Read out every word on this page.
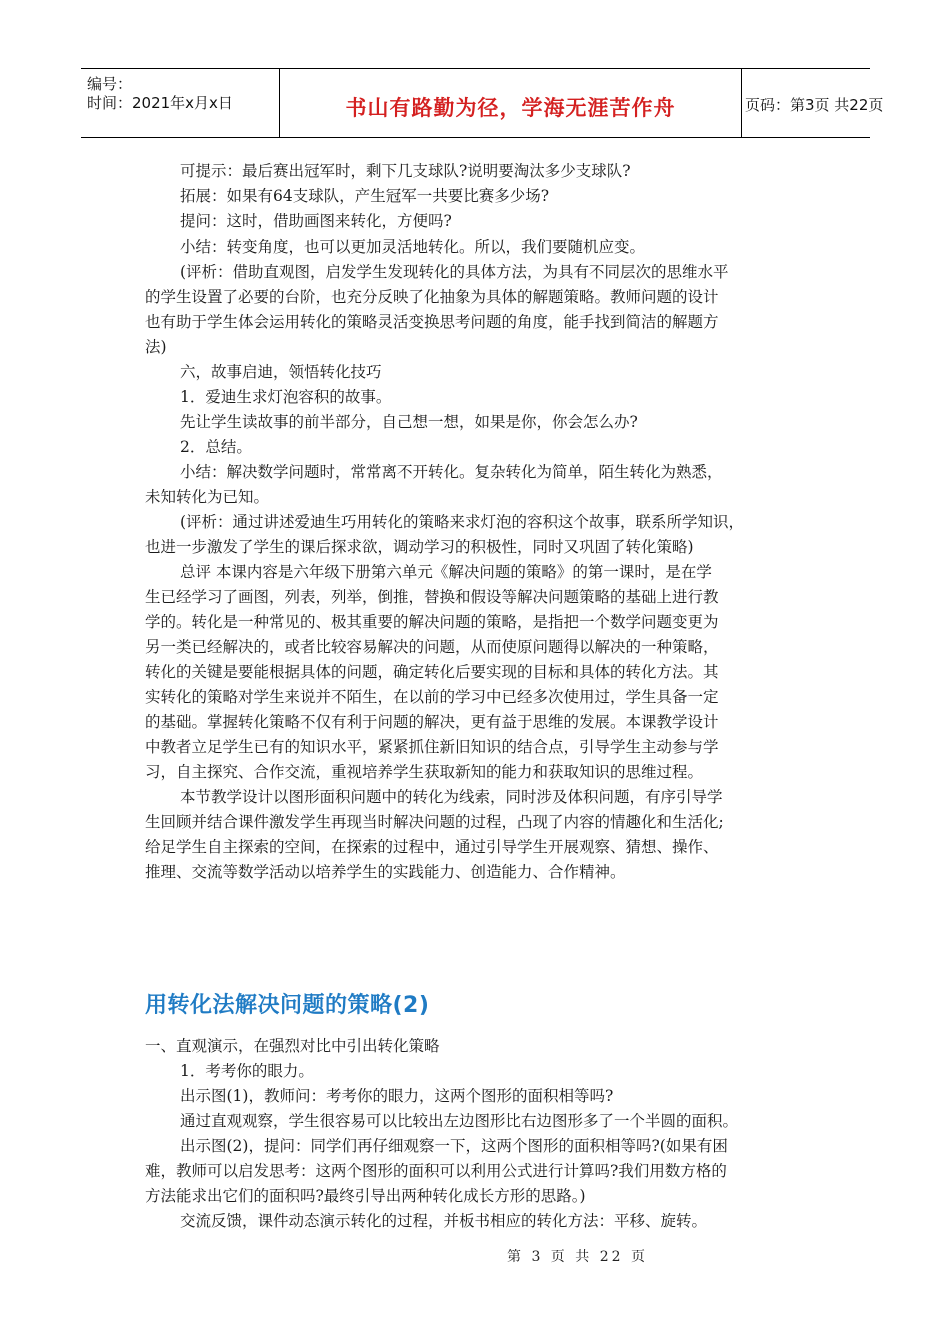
编号：
时间：2021年x月x日	书山有路勤为径，学海无涯苦作舟	页码：第3页 共22页
可提示：最后赛出冠军时，剩下几支球队?说明要淘汰多少支球队?
拓展：如果有64支球队，产生冠军一共要比赛多少场?
提问：这时，借助画图来转化，方便吗?
小结：转变角度，也可以更加灵活地转化。所以，我们要随机应变。
(评析：借助直观图，启发学生发现转化的具体方法，为具有不同层次的思维水平
的学生设置了必要的台阶，也充分反映了化抽象为具体的解题策略。教师问题的设计
也有助于学生体会运用转化的策略灵活变换思考问题的角度，能手找到简洁的解题方
法)
六，故事启迪，领悟转化技巧
1．爱迪生求灯泡容积的故事。
先让学生读故事的前半部分，自己想一想，如果是你，你会怎么办?
2．总结。
小结：解决数学问题时，常常离不开转化。复杂转化为简单，陌生转化为熟悉，
未知转化为已知。
(评析：通过讲述爱迪生巧用转化的策略来求灯泡的容积这个故事，联系所学知识，
也进一步激发了学生的课后探求欲，调动学习的积极性，同时又巩固了转化策略)
总评 本课内容是六年级下册第六单元《解决问题的策略》的第一课时，是在学
生已经学习了画图，列表，列举，倒推，替换和假设等解决问题策略的基础上进行教
学的。转化是一种常见的、极其重要的解决问题的策略，是指把一个数学问题变更为
另一类已经解决的，或者比较容易解决的问题，从而使原问题得以解决的一种策略，
转化的关键是要能根据具体的问题，确定转化后要实现的目标和具体的转化方法。其
实转化的策略对学生来说并不陌生，在以前的学习中已经多次使用过，学生具备一定
的基础。掌握转化策略不仅有利于问题的解决，更有益于思维的发展。本课教学设计
中教者立足学生已有的知识水平，紧紧抓住新旧知识的结合点，引导学生主动参与学
习，自主探究、合作交流，重视培养学生获取新知的能力和获取知识的思维过程。
本节教学设计以图形面积问题中的转化为线索，同时涉及体积问题，有序引导学
生回顾并结合课件激发学生再现当时解决问题的过程，凸现了内容的情趣化和生活化;
给足学生自主探索的空间，在探索的过程中，通过引导学生开展观察、猜想、操作、
推理、交流等数学活动以培养学生的实践能力、创造能力、合作精神。
用转化法解决问题的策略(2)
一、直观演示，在强烈对比中引出转化策略
1．考考你的眼力。
出示图(1)，教师问：考考你的眼力，这两个图形的面积相等吗?
通过直观观察，学生很容易可以比较出左边图形比右边图形多了一个半圆的面积。
出示图(2)，提问：同学们再仔细观察一下，这两个图形的面积相等吗?(如果有困
难，教师可以启发思考：这两个图形的面积可以利用公式进行计算吗?我们用数方格的
方法能求出它们的面积吗?最终引导出两种转化成长方形的思路。)
交流反馈，课件动态演示转化的过程，并板书相应的转化方法：平移、旋转。
第 3 页 共 22 页
